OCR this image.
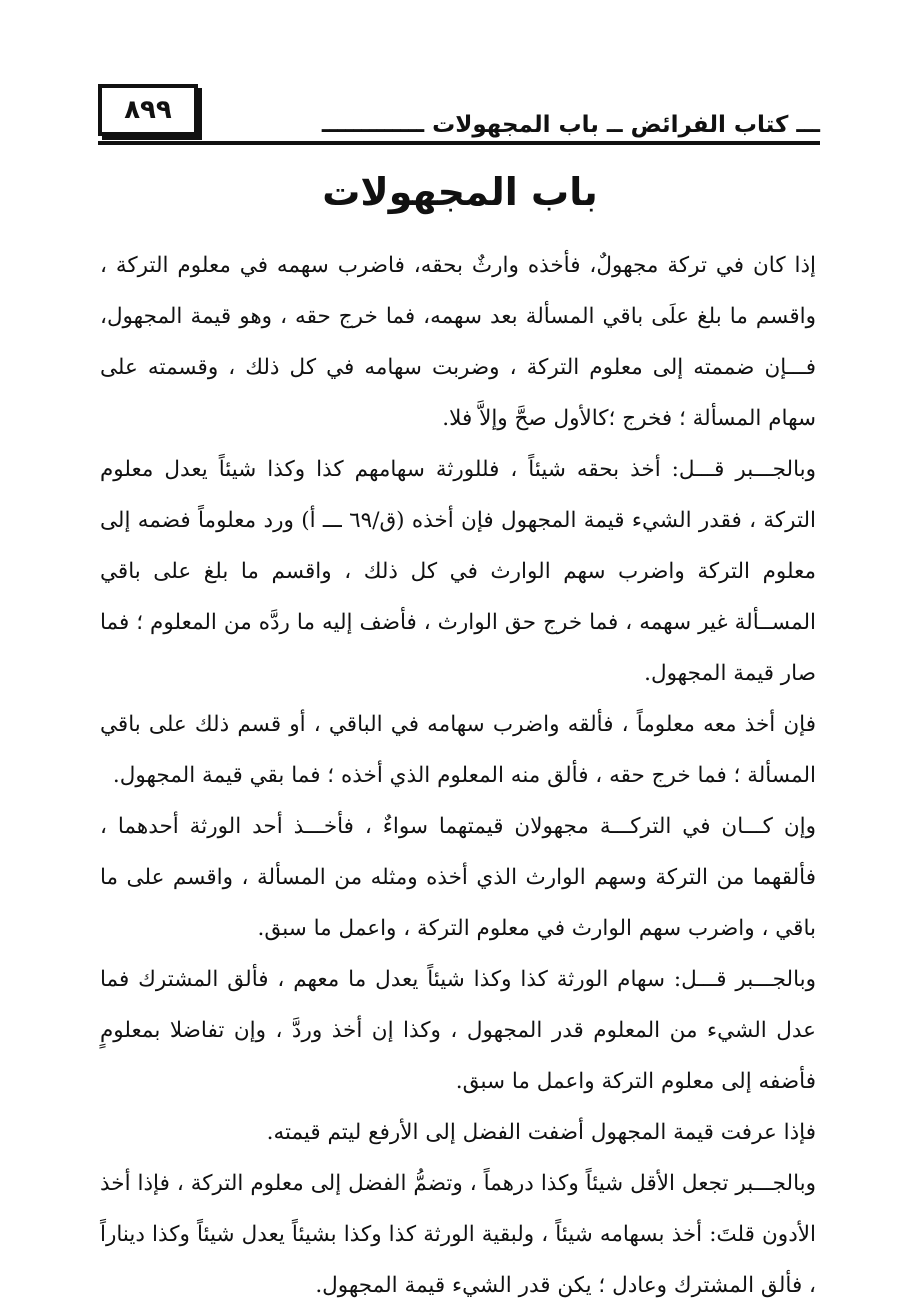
٨٩٩	ـــ كتاب الفرائض ــ باب المجهولات ـــــــــــــ
باب المجهولات

إذا كان في تركة مجهولٌ، فأخذه وارثٌ بحقه، فاضرب سهمه في معلوم التركة ، واقسم ما بلغ علَى باقي المسألة بعد سهمه، فما خرج حقه ، وهو قيمة المجهول، فـــإن ضممته إلى معلوم التركة ، وضربت سهامه في كل ذلك ، وقسمته على سهام المسألة ؛ فخرج ؛كالأول صحَّ وإلاَّ فلا.

وبالجـــبر قـــل: أخذ بحقه شيئاً ، فللورثة سهامهم كذا وكذا شيئاً يعدل معلوم التركة ، فقدر الشيء قيمة المجهول فإن أخذه (ق/٦٩ ـــ أ) ورد معلوماً فضمه إلى معلوم التركة واضرب سهم الوارث في كل ذلك ، واقسم ما بلغ على باقي المســألة غير سهمه ، فما خرج حق الوارث ، فأضف إليه ما ردَّه من المعلوم ؛ فما صار قيمة المجهول.

فإن أخذ معه معلوماً ، فألقه واضرب سهامه في الباقي ، أو قسم ذلك على باقي المسألة ؛ فما خرج حقه ، فألق منه المعلوم الذي أخذه ؛ فما بقي قيمة المجهول.

وإن كـــان في التركـــة مجهولان قيمتهما سواءٌ ، فأخـــذ أحد الورثة أحدهما ، فألقهما من التركة وسهم الوارث الذي أخذه ومثله من المسألة ، واقسم على ما باقي ، واضرب سهم الوارث في معلوم التركة ، واعمل ما سبق.

وبالجـــبر قـــل: سهام الورثة كذا وكذا شيئاً يعدل ما معهم ، فألق المشترك فما عدل الشيء من المعلوم قدر المجهول ، وكذا إن أخذ وردَّ ، وإن تفاضلا بمعلومٍ فأضفه إلى معلوم التركة واعمل ما سبق.

فإذا عرفت قيمة المجهول أضفت الفضل إلى الأرفع ليتم قيمته.

وبالجـــبر تجعل الأقل شيئاً وكذا درهماً ، وتضمُّ الفضل إلى معلوم التركة ، فإذا أخذ الأدون قلتَ: أخذ بسهامه شيئاً ، ولبقية الورثة كذا وكذا بشيئاً يعدل شيئاً وكذا ديناراً ، فألق المشترك وعادل ؛ يكن قدر الشيء قيمة المجهول.
